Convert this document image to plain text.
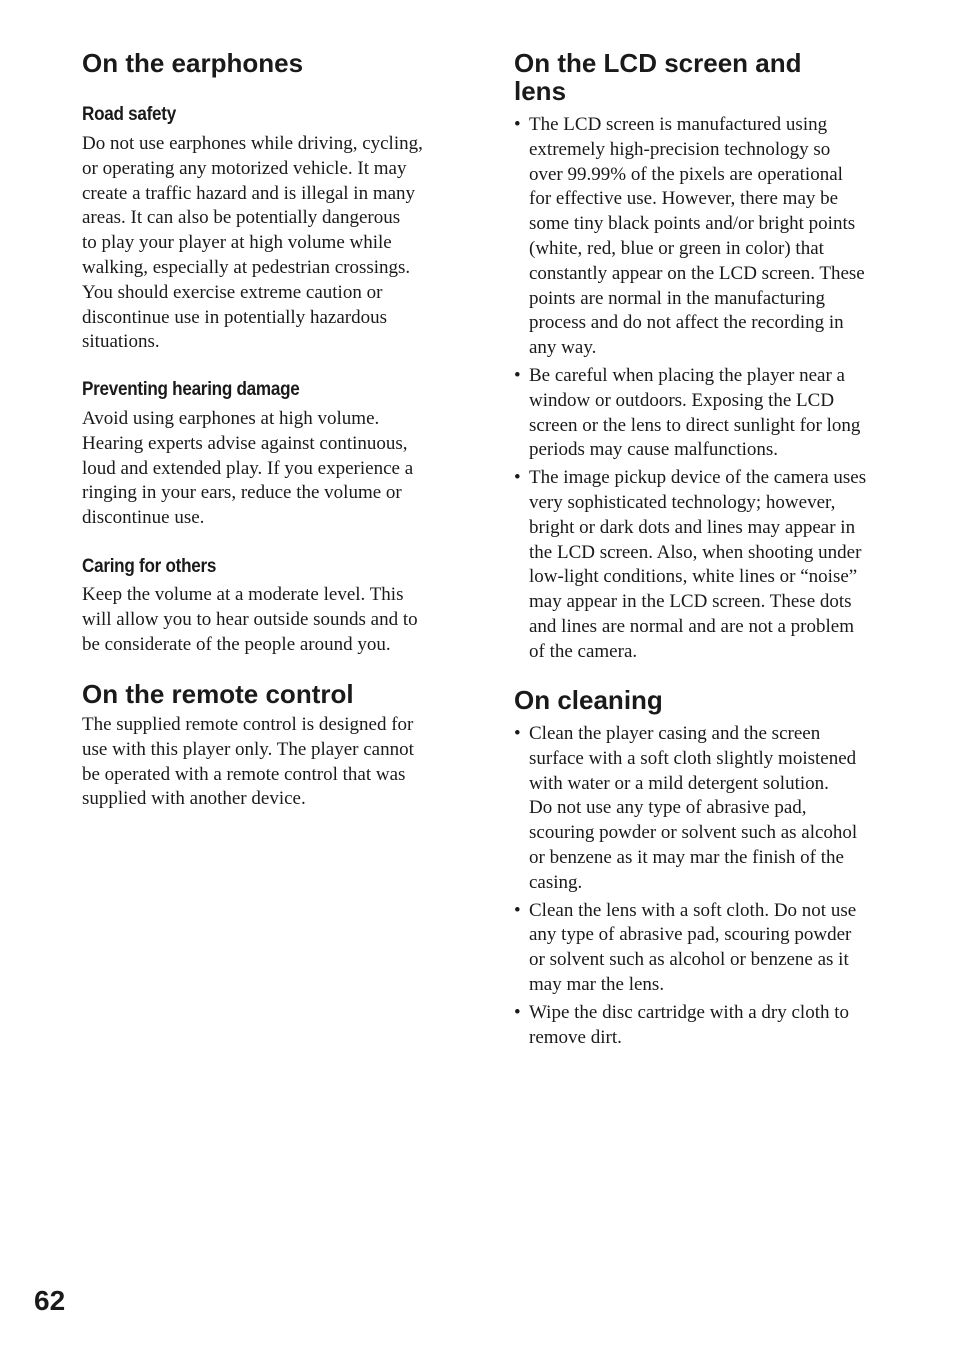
On the earphones
Road safety
Do not use earphones while driving, cycling,
or operating any motorized vehicle. It may
create a traffic hazard and is illegal in many
areas. It can also be potentially dangerous
to play your player at high volume while
walking, especially at pedestrian crossings.
You should exercise extreme caution or
discontinue use in potentially hazardous
situations.
Preventing hearing damage
Avoid using earphones at high volume.
Hearing experts advise against continuous,
loud and extended play. If you experience a
ringing in your ears, reduce the volume or
discontinue use.
Caring for others
Keep the volume at a moderate level. This
will allow you to hear outside sounds and to
be considerate of the people around you.
On the remote control
The supplied remote control is designed for
use with this player only. The player cannot
be operated with a remote control that was
supplied with another device.
On the LCD screen and
lens
• The LCD screen is manufactured using
extremely high-precision technology so
over 99.99% of the pixels are operational
for effective use. However, there may be
some tiny black points and/or bright points
(white, red, blue or green in color) that
constantly appear on the LCD screen. These
points are normal in the manufacturing
process and do not affect the recording in
any way.
• Be careful when placing the player near a
window or outdoors. Exposing the LCD
screen or the lens to direct sunlight for long
periods may cause malfunctions.
• The image pickup device of the camera uses
very sophisticated technology; however,
bright or dark dots and lines may appear in
the LCD screen. Also, when shooting under
low-light conditions, white lines or “noise”
may appear in the LCD screen. These dots
and lines are normal and are not a problem
of the camera.
On cleaning
• Clean the player casing and the screen
surface with a soft cloth slightly moistened
with water or a mild detergent solution.
Do not use any type of abrasive pad,
scouring powder or solvent such as alcohol
or benzene as it may mar the finish of the
casing.
• Clean the lens with a soft cloth. Do not use
any type of abrasive pad, scouring powder
or solvent such as alcohol or benzene as it
may mar the lens.
• Wipe the disc cartridge with a dry cloth to
remove dirt.
62
